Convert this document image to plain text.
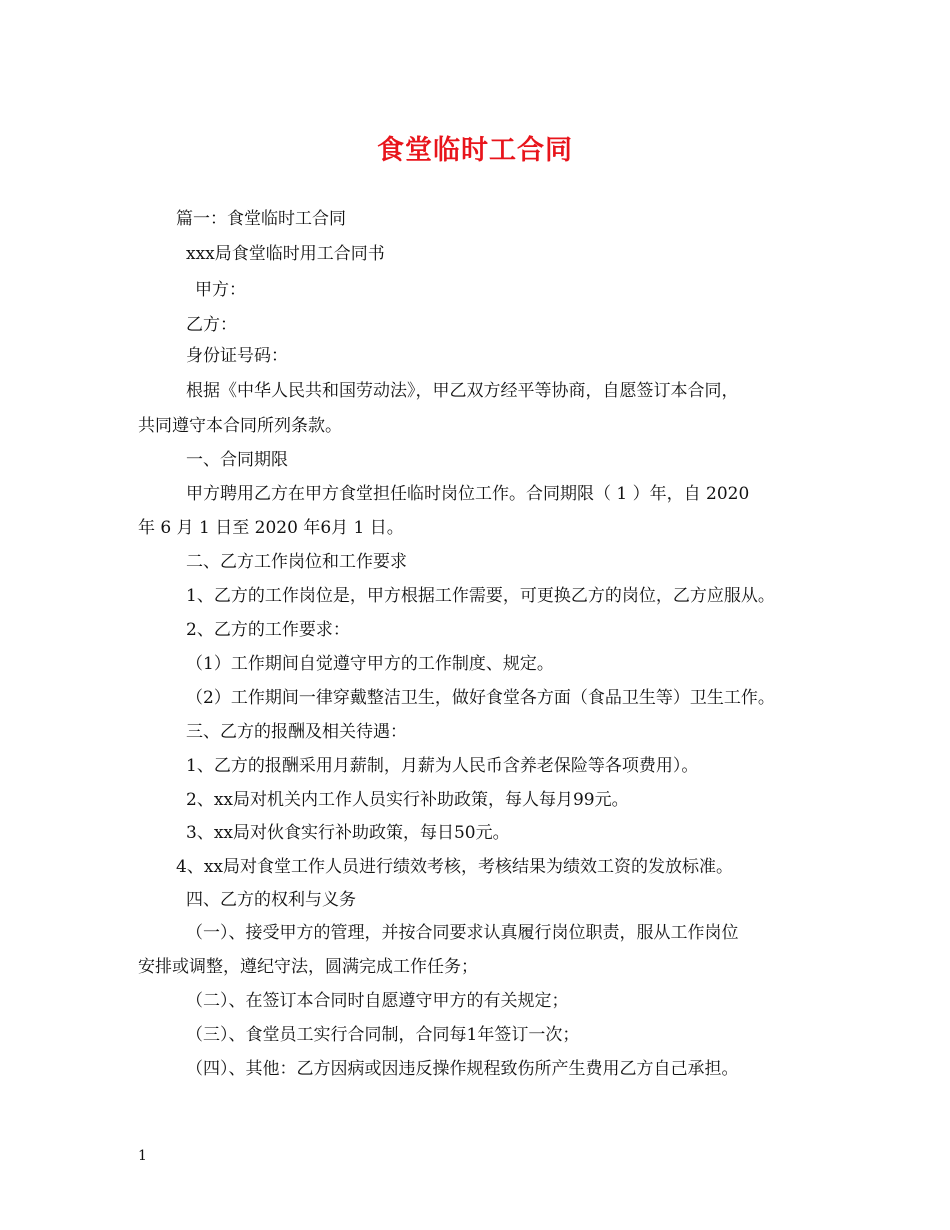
食堂临时工合同

篇一：食堂临时工合同

xxx局食堂临时用工合同书

甲方：

乙方：

身份证号码：

根据《中华人民共和国劳动法》，甲乙双方经平等协商，自愿签订本合同，

共同遵守本合同所列条款。

一、合同期限

甲方聘用乙方在甲方食堂担任临时岗位工作。合同期限（ 1 ）年，自 2020

年 6 月 1 日至 2020 年6月 1 日。

二、乙方工作岗位和工作要求

1、乙方的工作岗位是，甲方根据工作需要，可更换乙方的岗位，乙方应服从。

2、乙方的工作要求：

（1）工作期间自觉遵守甲方的工作制度、规定。

（2）工作期间一律穿戴整洁卫生，做好食堂各方面（食品卫生等）卫生工作。

三、乙方的报酬及相关待遇：

1、乙方的报酬采用月薪制，月薪为人民币含养老保险等各项费用）。

2、xx局对机关内工作人员实行补助政策，每人每月99元。

3、xx局对伙食实行补助政策，每日50元。

4、xx局对食堂工作人员进行绩效考核，考核结果为绩效工资的发放标准。

四、乙方的权利与义务

（一）、接受甲方的管理，并按合同要求认真履行岗位职责，服从工作岗位

安排或调整，遵纪守法，圆满完成工作任务；

（二）、在签订本合同时自愿遵守甲方的有关规定；

（三）、食堂员工实行合同制，合同每1年签订一次；

（四）、其他：乙方因病或因违反操作规程致伤所产生费用乙方自己承担。

1
